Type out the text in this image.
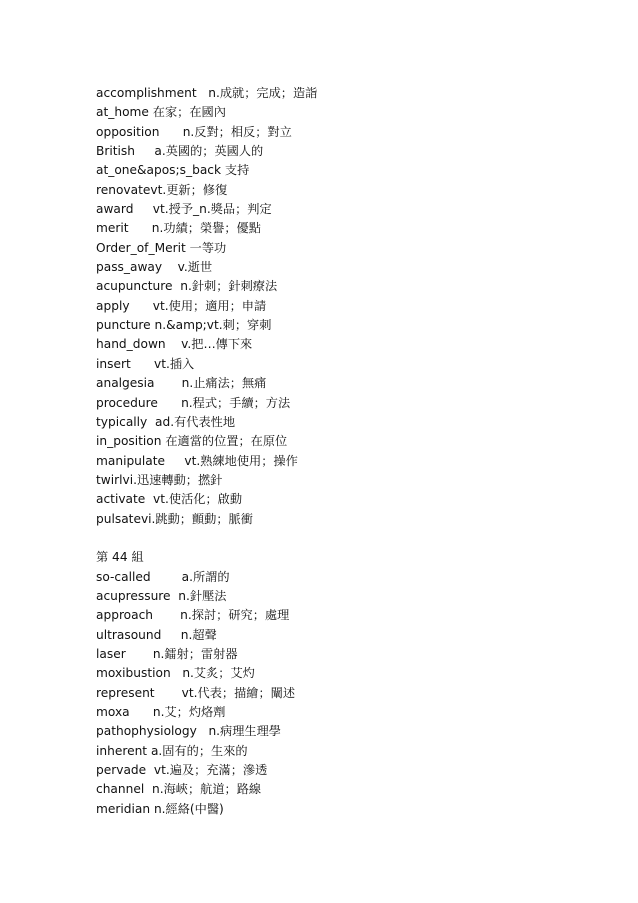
accomplishment   n.成就；完成；造詣
at_home 在家；在國內
opposition      n.反對；相反；對立
British     a.英國的；英國人的
at_one&apos;s_back 支持
renovatevt.更新；修復
award     vt.授予_n.獎品；判定
merit      n.功績；榮譽；優點
Order_of_Merit 一等功
pass_away    v.逝世
acupuncture  n.針刺；針刺療法
apply      vt.使用；適用；申請
puncture n.&amp;vt.刺；穿刺
hand_down    v.把…傳下來
insert      vt.插入
analgesia       n.止痛法；無痛
procedure      n.程式；手續；方法
typically  ad.有代表性地
in_position 在適當的位置；在原位
manipulate     vt.熟練地使用；操作
twirlvi.迅速轉動；撚針
activate  vt.使活化；啟動
pulsatevi.跳動；顫動；脈衝
第 44 組
so-called        a.所謂的
acupressure  n.針壓法
approach       n.探討；研究；處理
ultrasound     n.超聲
laser       n.鐳射；雷射器
moxibustion   n.艾炙；艾灼
represent       vt.代表；描繪；闡述
moxa      n.艾；灼烙劑
pathophysiology   n.病理生理學
inherent a.固有的；生來的
pervade  vt.遍及；充滿；滲透
channel  n.海峽；航道；路線
meridian n.經絡(中醫)
